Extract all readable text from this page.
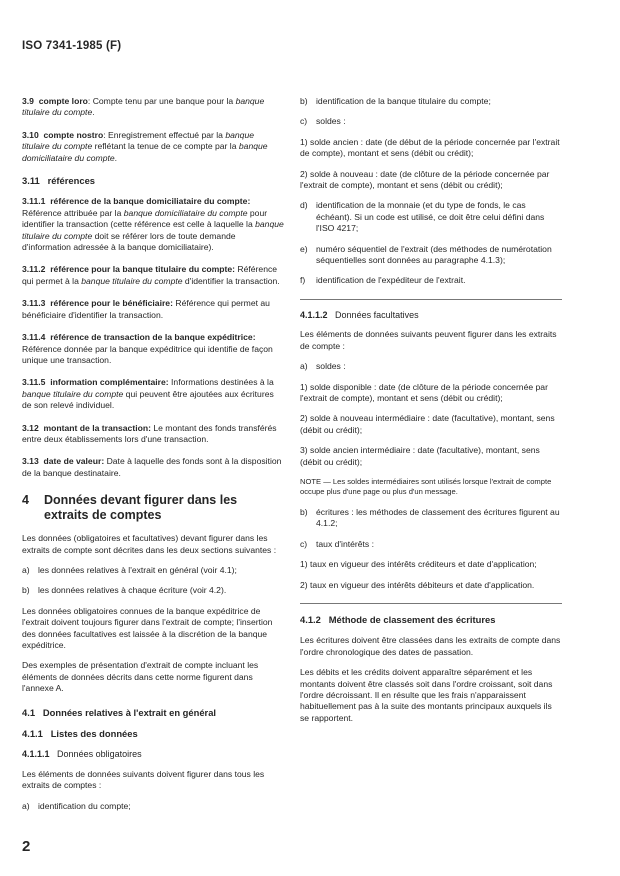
ISO 7341-1985 (F)

3.9 compte loro: Compte tenu par une banque pour la banque titulaire du compte.

3.10 compte nostro: Enregistrement effectué par la banque titulaire du compte reflétant la tenue de ce compte par la banque domiciliataire du compte.

3.11 références

3.11.1 référence de la banque domiciliataire du compte: Référence attribuée par la banque domiciliataire du compte pour identifier la transaction (cette référence est celle à laquelle la banque titulaire du compte doit se référer lors de toute demande d'information adressée à la banque domiciliataire).

3.11.2 référence pour la banque titulaire du compte: Référence qui permet à la banque titulaire du compte d'identifier la transaction.

3.11.3 référence pour le bénéficiaire: Référence qui permet au bénéficiaire d'identifier la transaction.

3.11.4 référence de transaction de la banque expéditrice: Référence donnée par la banque expéditrice qui identifie de façon unique une transaction.

3.11.5 information complémentaire: Informations destinées à la banque titulaire du compte qui peuvent être ajoutées aux écritures de son relevé individuel.

3.12 montant de la transaction: Le montant des fonds transférés entre deux établissements lors d'une transaction.

3.13 date de valeur: Date à laquelle des fonds sont à la disposition de la banque destinataire.

4	Données devant figurer dans les extraits de comptes

Les données (obligatoires et facultatives) devant figurer dans les extraits de compte sont décrites dans les deux sections suivantes :

a) les données relatives à l'extrait en général (voir 4.1);

b) les données relatives à chaque écriture (voir 4.2).

Les données obligatoires connues de la banque expéditrice de l'extrait doivent toujours figurer dans l'extrait de compte; l'insertion des données facultatives est laissée à la discrétion de la banque expéditrice.

Des exemples de présentation d'extrait de compte incluant les éléments de données décrits dans cette norme figurent dans l'annexe A.

4.1 Données relatives à l'extrait en général

4.1.1 Listes des données

4.1.1.1 Données obligatoires

Les éléments de données suivants doivent figurer dans tous les extraits de comptes :

a) identification du compte;

b) identification de la banque titulaire du compte;

c)	soldes :

1) solde ancien : date (de début de la période concernée par l'extrait de compte), montant et sens (débit ou crédit);

2) solde à nouveau : date (de clôture de la période concernée par l'extrait de compte), montant et sens (débit ou crédit);

d) identification de la monnaie (et du type de fonds, le cas échéant). Si un code est utilisé, ce doit être celui défini dans l'ISO 4217;

e) numéro séquentiel de l'extrait (des méthodes de numérotation séquentielles sont données au paragraphe 4.1.3);

f)	identification de l'expéditeur de l'extrait.

4.1.1.2 Données facultatives

Les éléments de données suivants peuvent figurer dans les extraits de compte :

a) soldes :

1) solde disponible : date (de clôture de la période concernée par l'extrait de compte), montant et sens (débit ou crédit);

2) solde à nouveau intermédiaire : date (facultative), montant, sens (débit ou crédit);

3) solde ancien intermédiaire : date (facultative), montant, sens (débit ou crédit);

NOTE — Les soldes intermédiaires sont utilisés lorsque l'extrait de compte occupe plus d'une page ou plus d'un message.

b) écritures : les méthodes de classement des écritures figurent au 4.1.2;

c)	taux d'intérêts :

1) taux en vigueur des intérêts créditeurs et date d'application;

2) taux en vigueur des intérêts débiteurs et date d'application.

4.1.2 Méthode de classement des écritures

Les écritures doivent être classées dans les extraits de compte dans l'ordre chronologique des dates de passation.

Les débits et les crédits doivent apparaître séparément et les montants doivent être classés soit dans l'ordre croissant, soit dans l'ordre décroissant. Il en résulte que les frais n'apparaissent habituellement pas à la suite des montants principaux auxquels ils se rapportent.

2
